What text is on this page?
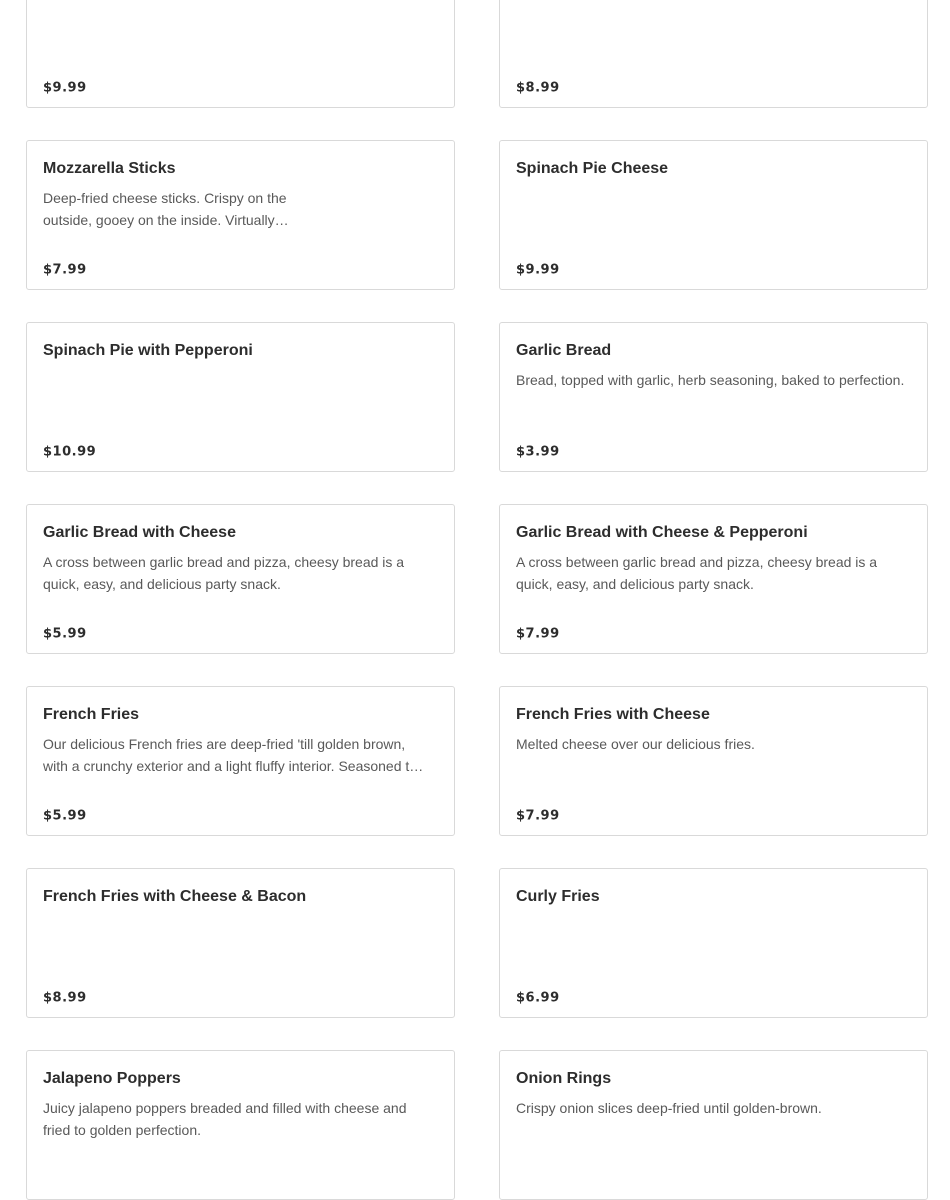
$9.99	$8.99
Mozzarella Sticks
Deep-fried cheese sticks. Crispy on the outside, gooey on the inside. Virtually…
$7.99
Spinach Pie Cheese
$9.99
Spinach Pie with Pepperoni
$10.99
Garlic Bread
Bread, topped with garlic, herb seasoning, baked to perfection.
$3.99
Garlic Bread with Cheese
A cross between garlic bread and pizza, cheesy bread is a quick, easy, and delicious party snack.
$5.99
Garlic Bread with Cheese & Pepperoni
A cross between garlic bread and pizza, cheesy bread is a quick, easy, and delicious party snack.
$7.99
French Fries
Our delicious French fries are deep-fried 'till golden brown, with a crunchy exterior and a light fluffy interior. Seasoned t…
$5.99
French Fries with Cheese
Melted cheese over our delicious fries.
$7.99
French Fries with Cheese & Bacon
$8.99
Curly Fries
$6.99
Jalapeno Poppers
Juicy jalapeno poppers breaded and filled with cheese and fried to golden perfection.
Onion Rings
Crispy onion slices deep-fried until golden-brown.
